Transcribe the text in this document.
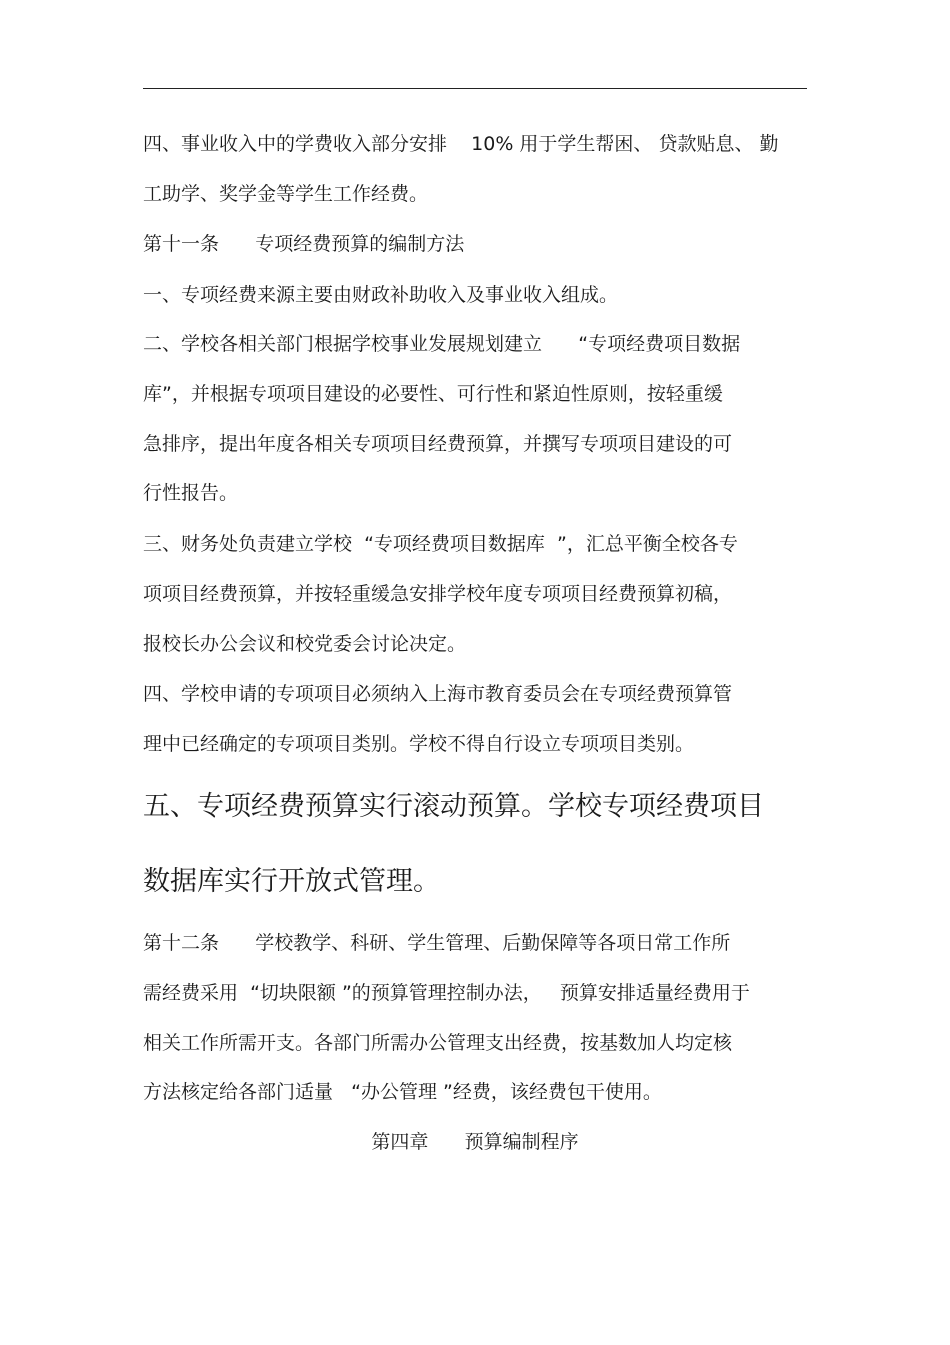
四、事业收入中的学费收入部分安排    10% 用于学生帮困、 贷款贴息、 勤

工助学、奖学金等学生工作经费。

第十一条      专项经费预算的编制方法

一、专项经费来源主要由财政补助收入及事业收入组成。

二、学校各相关部门根据学校事业发展规划建立      “专项经费项目数据

库”，并根据专项项目建设的必要性、可行性和紧迫性原则，按轻重缓

急排序，提出年度各相关专项项目经费预算，并撰写专项项目建设的可

行性报告。

三、财务处负责建立学校  “专项经费项目数据库  ”，汇总平衡全校各专

项项目经费预算，并按轻重缓急安排学校年度专项项目经费预算初稿，

报校长办公会议和校党委会讨论决定。

四、学校申请的专项项目必须纳入上海市教育委员会在专项经费预算管

理中已经确定的专项项目类别。学校不得自行设立专项项目类别。

五、专项经费预算实行滚动预算。学校专项经费项目

数据库实行开放式管理。

第十二条      学校教学、科研、学生管理、后勤保障等各项日常工作所

需经费采用  “切块限额 ”的预算管理控制办法，   预算安排适量经费用于

相关工作所需开支。各部门所需办公管理支出经费，按基数加人均定核

方法核定给各部门适量   “办公管理 ”经费，该经费包干使用。

第四章      预算编制程序
